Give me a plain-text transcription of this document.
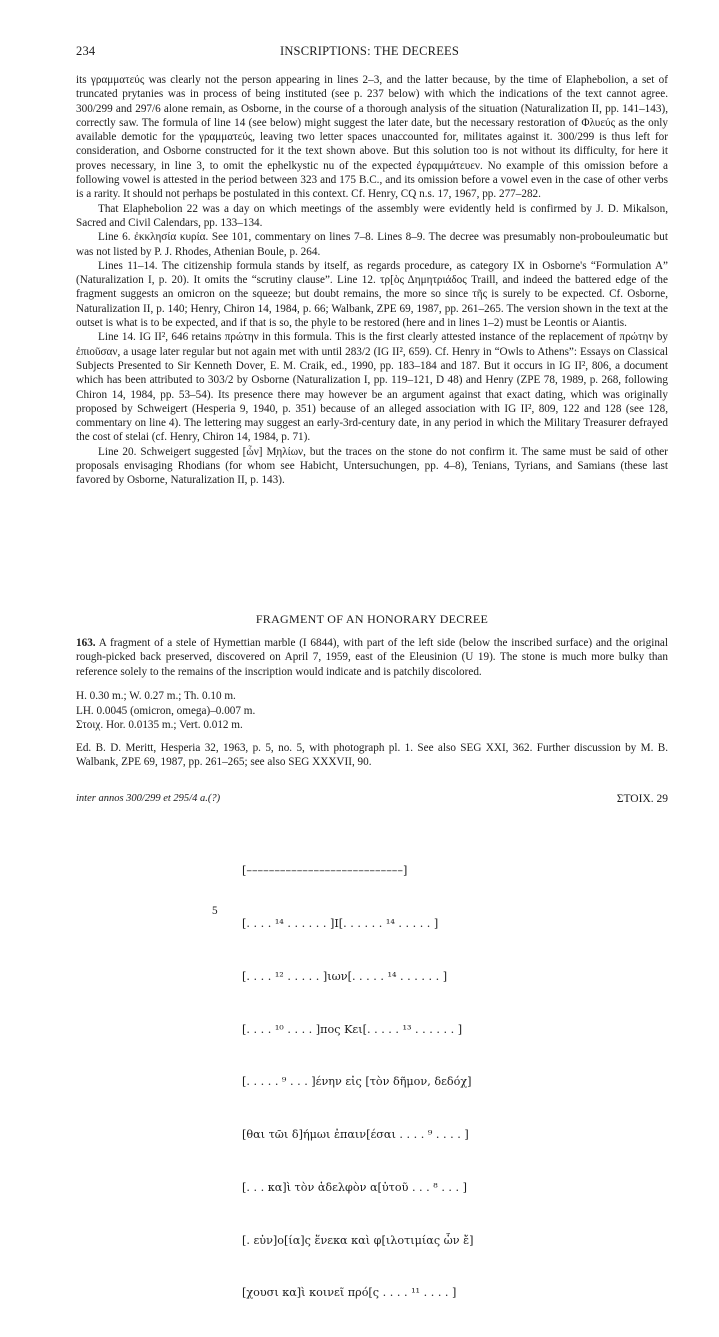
234	INSCRIPTIONS: THE DECREES

its γραμματεύς was clearly not the person appearing in lines 2–3, and the latter because, by the time of Elaphebolion, a set of truncated prytanies was in process of being instituted (see p. 237 below) with which the indications of the text cannot agree. 300/299 and 297/6 alone remain, as Osborne, in the course of a thorough analysis of the situation (Naturalization II, pp. 141–143), correctly saw. The formula of line 14 (see below) might suggest the later date, but the necessary restoration of Φλυεύς as the only available demotic for the γραμματεύς, leaving two letter spaces unaccounted for, militates against it. 300/299 is thus left for consideration, and Osborne constructed for it the text shown above. But this solution too is not without its difficulty, for here it proves necessary, in line 3, to omit the ephelkystic nu of the expected ἐγραμμάτευεν. No example of this omission before a following vowel is attested in the period between 323 and 175 B.C., and its omission before a vowel even in the case of other verbs is a rarity. It should not perhaps be postulated in this context. Cf. Henry, CQ n.s. 17, 1967, pp. 277–282.

That Elaphebolion 22 was a day on which meetings of the assembly were evidently held is confirmed by J. D. Mikalson, Sacred and Civil Calendars, pp. 133–134.

Line 6. ἐκκλησία κυρία. See 101, commentary on lines 7–8. Lines 8–9. The decree was presumably non-probouleumatic but was not listed by P. J. Rhodes, Athenian Boule, p. 264.

Lines 11–14. The citizenship formula stands by itself, as regards procedure, as category IX in Osborne's “Formulation A” (Naturalization I, p. 20). It omits the “scrutiny clause”. Line 12. τρ[ὸς Δημητριάδος Traill, and indeed the battered edge of the fragment suggests an omicron on the squeeze; but doubt remains, the more so since τῆς is surely to be expected. Cf. Osborne, Naturalization II, p. 140; Henry, Chiron 14, 1984, p. 66; Walbank, ZPE 69, 1987, pp. 261–265. The version shown in the text at the outset is what is to be expected, and if that is so, the phyle to be restored (here and in lines 1–2) must be Leontis or Aiantis.

Line 14. IG II², 646 retains πρώτην in this formula. This is the first clearly attested instance of the replacement of πρώτην by ἐπιοῦσαν, a usage later regular but not again met with until 283/2 (IG II², 659). Cf. Henry in “Owls to Athens”: Essays on Classical Subjects Presented to Sir Kenneth Dover, E. M. Craik, ed., 1990, pp. 183–184 and 187. But it occurs in IG II², 806, a document which has been attributed to 303/2 by Osborne (Naturalization I, pp. 119–121, D 48) and Henry (ZPE 78, 1989, p. 268, following Chiron 14, 1984, pp. 53–54). Its presence there may however be an argument against that exact dating, which was originally proposed by Schweigert (Hesperia 9, 1940, p. 351) because of an alleged association with IG II², 809, 122 and 128 (see 128, commentary on line 4). The lettering may suggest an early-3rd-century date, in any period in which the Military Treasurer defrayed the cost of stelai (cf. Henry, Chiron 14, 1984, p. 71).

Line 20. Schweigert suggested [ὧν] Μ̣ηλίων, but the traces on the stone do not confirm it. The same must be said of other proposals envisaging Rhodians (for whom see Habicht, Untersuchungen, pp. 4–8), Tenians, Tyrians, and Samians (these last favored by Osborne, Naturalization II, p. 143).

FRAGMENT OF AN HONORARY DECREE
163. A fragment of a stele of Hymettian marble (I 6844), with part of the left side (below the inscribed surface) and the original rough-picked back preserved, discovered on April 7, 1959, east of the Eleusinion (U 19). The stone is much more bulky than reference solely to the remains of the inscription would indicate and is patchily discolored.
H. 0.30 m.; W. 0.27 m.; Th. 0.10 m.
LH. 0.0045 (omicron, omega)–0.007 m.
Στοιχ. Hor. 0.0135 m.; Vert. 0.012 m.
Ed. B. D. Meritt, Hesperia 32, 1963, p. 5, no. 5, with photograph pl. 1. See also SEG XXI, 362. Further discussion by M. B. Walbank, ZPE 69, 1987, pp. 261–265; see also SEG XXXVII, 90.
inter annos 300/299 et 295/4 a.(?)	ΣΤΟΙΧ. 29
5

[––––––––––––––––––––––––––––]

[. . . . ¹⁴ . . . . . . ]Ι[. . . . . . ¹⁴ . . . . . ]

[. . . . ¹² . . . . . ]ιων[. . . . . ¹⁴ . . . . . . ]

[. . . . ¹⁰ . . . . ]πος Κει[. . . . . ¹³ . . . . . . ]

[. . . . . ⁹ . . . ]ένην εἰς [τὸν δῆμον, δεδόχ]

[θαι τῶι δ]ήμωι ἐπαιν[έσαι . . . . ⁹ . . . . ]

[. . . κα]ὶ τὸν ἀδελφὸν α[ὐτοῦ . . . ⁸ . . . ]

[. εὐν]ο[ία]ς ἕνεκα καὶ φ[ιλοτιμίας ὧν ἔ]

[χουσι κα]ὶ κοινεῖ πρό[ς . . . . ¹¹ . . . . ]
